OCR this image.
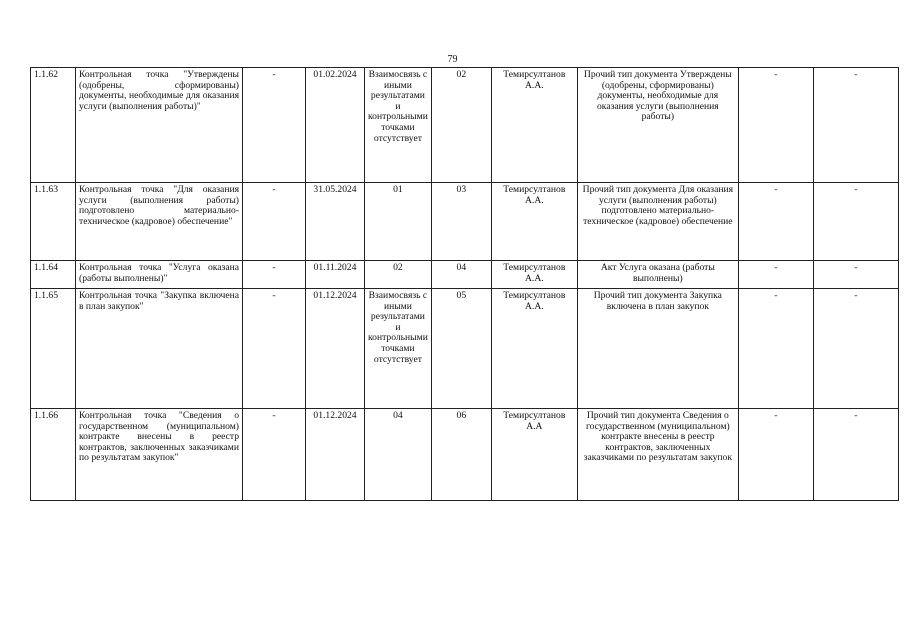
79
1.1.62	Контрольная точка "Утверждены (одобрены, сформированы) документы, необходимые для оказания услуги (выполнения работы)"	-	01.02.2024	Взаимосвязь с иными результатами и контрольными точками отсутствует	02	Темирсултанов А.А.	Прочий тип документа Утверждены (одобрены, сформированы) документы, необходимые для оказания услуги (выполнения работы)	-	-
1.1.63	Контрольная точка "Для оказания услуги (выполнения работы) подготовлено материально-техническое (кадровое) обеспечение"	-	31.05.2024	01	03	Темирсултанов А.А.	Прочий тип документа Для оказания услуги (выполнения работы) подготовлено материально-техническое (кадровое) обеспечение	-	-
1.1.64	Контрольная точка "Услуга оказана (работы выполнены)"	-	01.11.2024	02	04	Темирсултанов А.А.	Акт Услуга оказана (работы выполнены)	-	-
1.1.65	Контрольная точка "Закупка включена в план закупок"	-	01.12.2024	Взаимосвязь с иными результатами и контрольными точками отсутствует	05	Темирсултанов А.А.	Прочий тип документа Закупка включена в план закупок	-	-
1.1.66	Контрольная точка "Сведения о государственном (муниципальном) контракте внесены в реестр контрактов, заключенных заказчиками по результатам закупок"	-	01.12.2024	04	06	Темирсултанов А.А	Прочий тип документа Сведения о государственном (муниципальном) контракте внесены в реестр контрактов, заключенных заказчиками по результатам закупок	-	-
